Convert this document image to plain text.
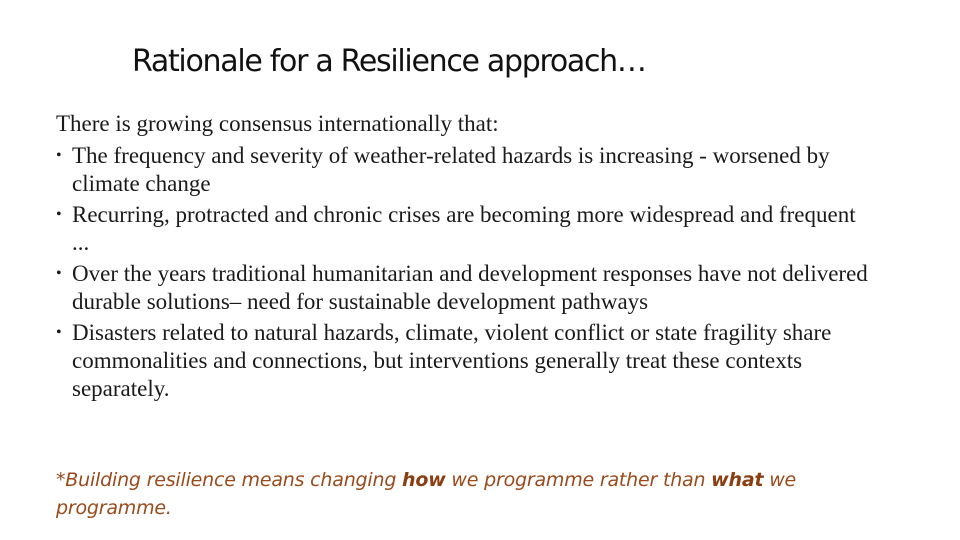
Rationale for a Resilience approach…

There is growing consensus internationally that:

• The frequency and severity of weather-related hazards is increasing - worsened by climate change
• Recurring, protracted and chronic crises are becoming more widespread and frequent ...
• Over the years traditional humanitarian and development responses have not delivered durable solutions– need for sustainable development pathways
• Disasters related to natural hazards, climate, violent conflict or state fragility share commonalities and connections, but interventions generally treat these contexts separately.
*Building resilience means changing how we programme rather than what we programme.
